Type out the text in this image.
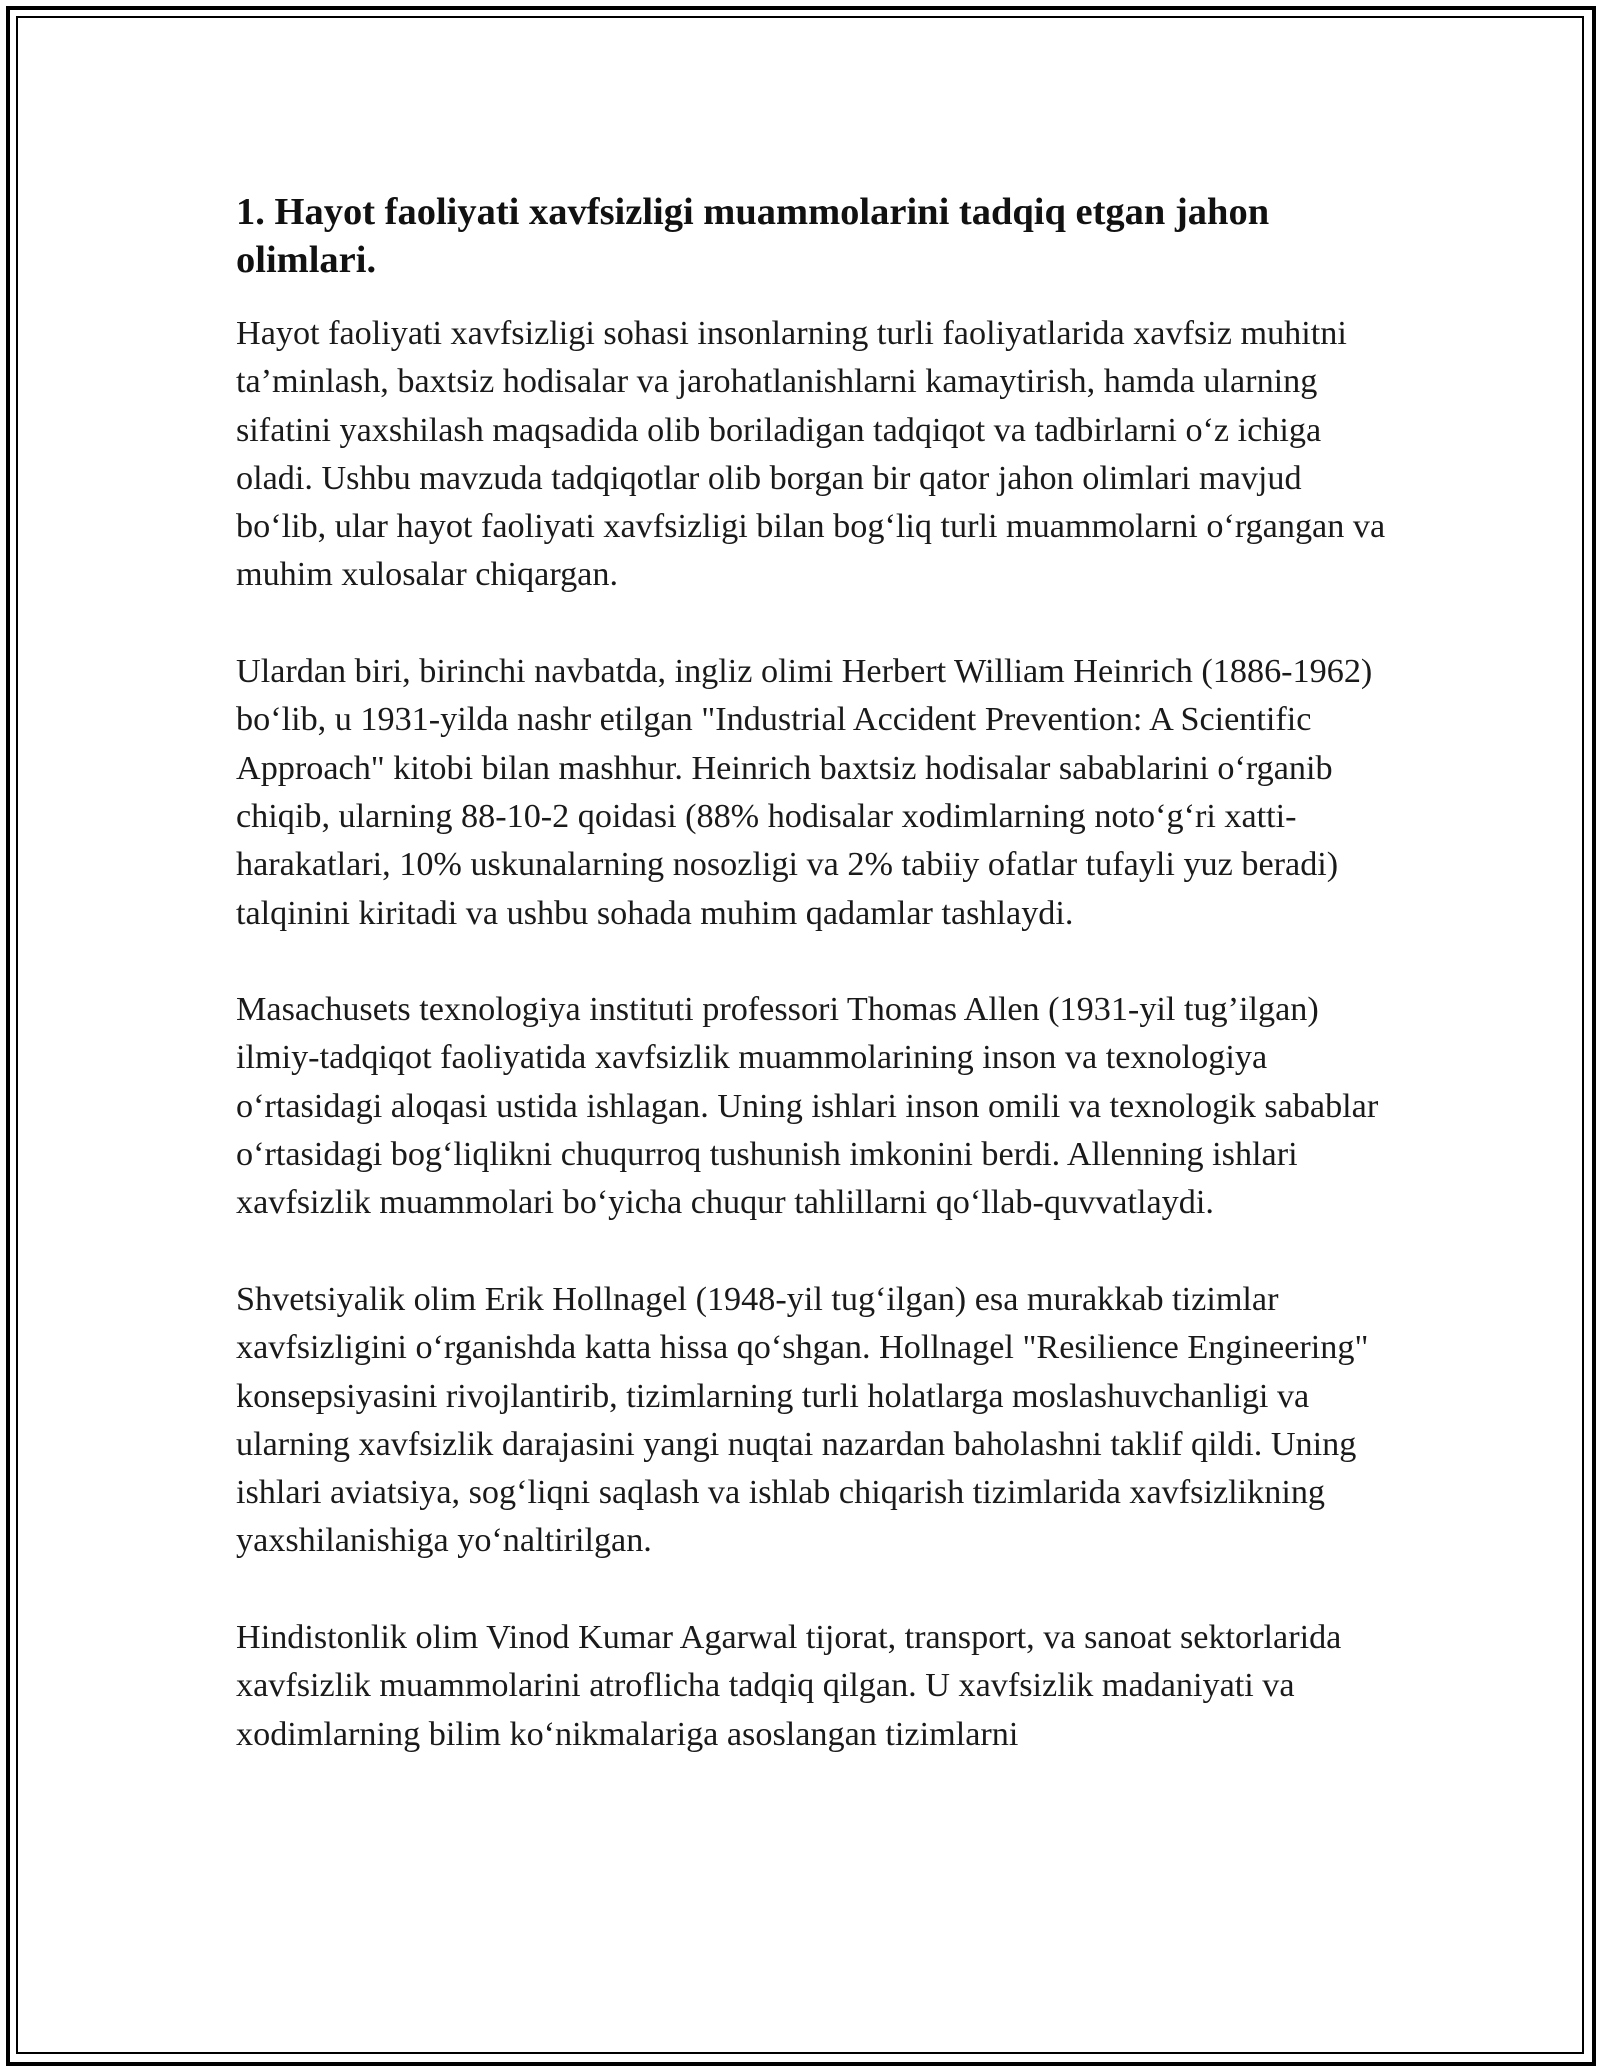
1. Hayot faoliyati xavfsizligi muammolarini tadqiq etgan jahon olimlari.

Hayot faoliyati xavfsizligi sohasi insonlarning turli faoliyatlarida xavfsiz muhitni ta’minlash, baxtsiz hodisalar va jarohatlanishlarni kamaytirish, hamda ularning sifatini yaxshilash maqsadida olib boriladigan tadqiqot va tadbirlarni o‘z ichiga oladi. Ushbu mavzuda tadqiqotlar olib borgan bir qator jahon olimlari mavjud bo‘lib, ular hayot faoliyati xavfsizligi bilan bog‘liq turli muammolarni o‘rgangan va muhim xulosalar chiqargan.

Ulardan biri, birinchi navbatda, ingliz olimi Herbert William Heinrich (1886-1962) bo‘lib, u 1931-yilda nashr etilgan "Industrial Accident Prevention: A Scientific Approach" kitobi bilan mashhur. Heinrich baxtsiz hodisalar sabablarini o‘rganib chiqib, ularning 88-10-2 qoidasi (88% hodisalar xodimlarning noto‘g‘ri xatti-harakatlari, 10% uskunalarning nosozligi va 2% tabiiy ofatlar tufayli yuz beradi) talqinini kiritadi va ushbu sohada muhim qadamlar tashlaydi.

Masachusets texnologiya instituti professori Thomas Allen (1931-yil tug’ilgan) ilmiy-tadqiqot faoliyatida xavfsizlik muammolarining inson va texnologiya o‘rtasidagi aloqasi ustida ishlagan. Uning ishlari inson omili va texnologik sabablar o‘rtasidagi bog‘liqlikni chuqurroq tushunish imkonini berdi. Allenning ishlari xavfsizlik muammolari bo‘yicha chuqur tahlillarni qo‘llab-quvvatlaydi.

Shvetsiyalik olim Erik Hollnagel (1948-yil tug‘ilgan) esa murakkab tizimlar xavfsizligini o‘rganishda katta hissa qo‘shgan. Hollnagel "Resilience Engineering" konsepsiyasini rivojlantirib, tizimlarning turli holatlarga moslashuvchanligi va ularning xavfsizlik darajasini yangi nuqtai nazardan baholashni taklif qildi. Uning ishlari aviatsiya, sog‘liqni saqlash va ishlab chiqarish tizimlarida xavfsizlikning yaxshilanishiga yo‘naltirilgan.

Hindistonlik olim Vinod Kumar Agarwal tijorat, transport, va sanoat sektorlarida xavfsizlik muammolarini atroflicha tadqiq qilgan. U xavfsizlik madaniyati va xodimlarning bilim ko‘nikmalariga asoslangan tizimlarni
